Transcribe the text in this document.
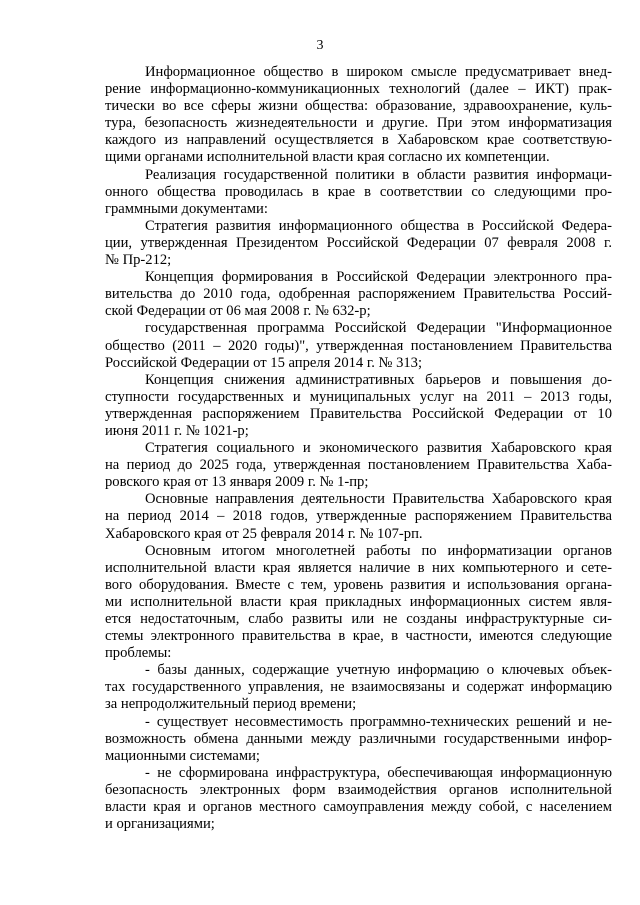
3
Информационное общество в широком смысле предусматривает внед-
рение информационно-коммуникационных технологий (далее – ИКТ) прак-
тически во все сферы жизни общества: образование, здравоохранение, куль-
тура, безопасность жизнедеятельности и другие. При этом информатизация
каждого из направлений осуществляется в Хабаровском крае соответствую-
щими органами исполнительной власти края согласно их компетенции.
Реализация государственной политики в области развития информаци-
онного общества проводилась в крае в соответствии со следующими про-
граммными документами:
Стратегия развития информационного общества в Российской Федера-
ции, утвержденная Президентом Российской Федерации 07 февраля 2008 г.
№ Пр-212;
Концепция формирования в Российской Федерации электронного пра-
вительства до 2010 года, одобренная распоряжением Правительства Россий-
ской Федерации от 06 мая 2008 г. № 632-р;
государственная программа Российской Федерации "Информационное
общество (2011 – 2020 годы)", утвержденная постановлением Правительства
Российской Федерации от 15 апреля 2014 г. № 313;
Концепция снижения административных барьеров и повышения до-
ступности государственных и муниципальных услуг на 2011 – 2013 годы,
утвержденная распоряжением Правительства Российской Федерации от 10
июня 2011 г. № 1021-р;
Стратегия социального и экономического развития Хабаровского края
на период до 2025 года, утвержденная постановлением Правительства Хаба-
ровского края от 13 января 2009 г. № 1-пр;
Основные направления деятельности Правительства Хабаровского края
на период 2014 – 2018 годов, утвержденные распоряжением Правительства
Хабаровского края от 25 февраля 2014 г. № 107-рп.
Основным итогом многолетней работы по информатизации органов
исполнительной власти края является наличие в них компьютерного и сете-
вого оборудования. Вместе с тем, уровень развития и использования органа-
ми исполнительной власти края прикладных информационных систем явля-
ется недостаточным, слабо развиты или не созданы инфраструктурные си-
стемы электронного правительства в крае, в частности, имеются следующие
проблемы:
- базы данных, содержащие учетную информацию о ключевых объек-
тах государственного управления, не взаимосвязаны и содержат информацию
за непродолжительный период времени;
- существует несовместимость программно-технических решений и не-
возможность обмена данными между различными государственными инфор-
мационными системами;
- не сформирована инфраструктура, обеспечивающая информационную
безопасность электронных форм взаимодействия органов исполнительной
власти края и органов местного самоуправления между собой, с населением
и организациями;
